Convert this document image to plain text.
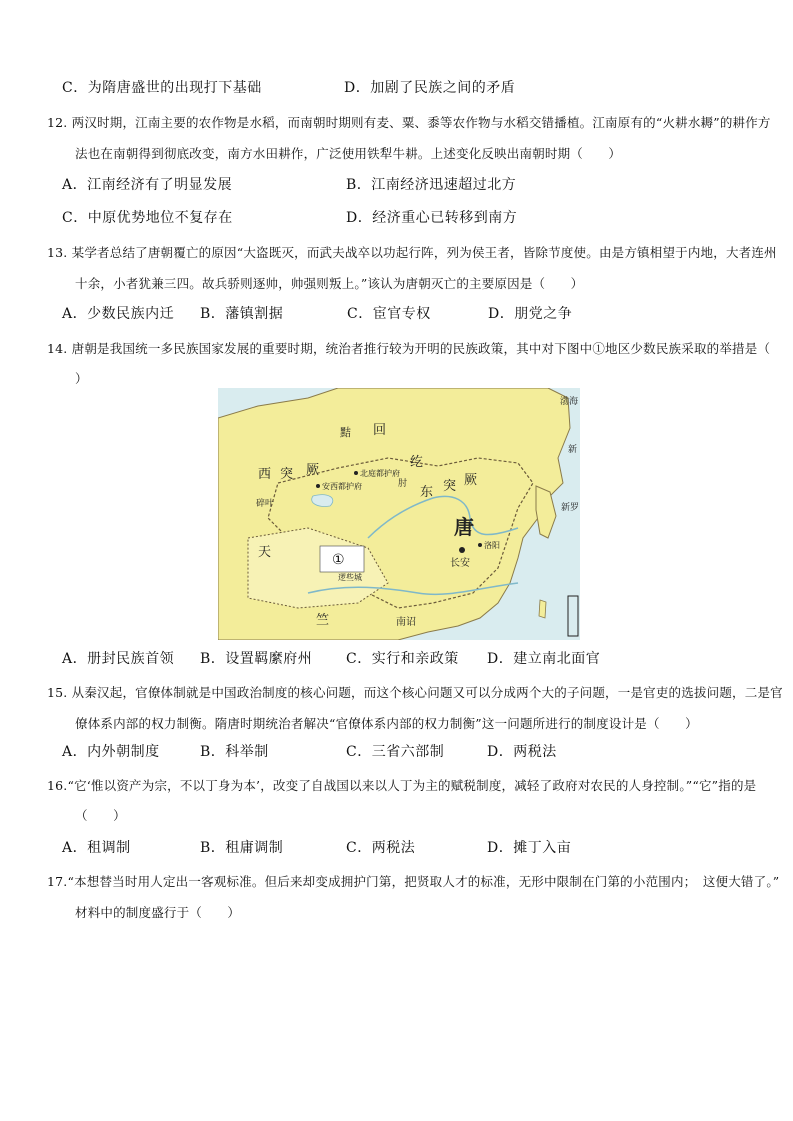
C．为隋唐盛世的出现打下基础	D．加剧了民族之间的矛盾
12. 两汉时期，江南主要的农作物是水稻，而南朝时期则有麦、粟、黍等农作物与水稻交错播植。江南原有的“火耕水耨”的耕作方
法也在南朝得到彻底改变，南方水田耕作，广泛使用铁犁牛耕。上述变化反映出南朝时期（　　）
A．江南经济有了明显发展	B．江南经济迅速超过北方
C．中原优势地位不复存在	D．经济重心已转移到南方
13. 某学者总结了唐朝覆亡的原因“大盗既灭，而武夫战卒以功起行阵，列为侯王者，皆除节度使。由是方镇相望于内地，大者连州
十余，小者犹兼三四。故兵骄则逐帅，帅强则叛上。”该认为唐朝灭亡的主要原因是（　　）
A．少数民族内迁 B．藩镇割据	C．宦官专权	D．朋党之争
14. 唐朝是我国统一多民族国家发展的重要时期，统治者推行较为开明的民族政策，其中对下图中①地区少数民族采取的举措是（
）
①
回
纥
西 突 厥
东 突 厥
唐
长安
洛阳
北庭都护府
安西都护府
碎叶
逻些城
天
竺	南诏
渤海
新罗
黠
肘
新
A．册封民族首领 B．设置羁縻府州 C．实行和亲政策 D．建立南北面官
15. 从秦汉起，官僚体制就是中国政治制度的核心问题，而这个核心问题又可以分成两个大的子问题，一是官吏的选拔问题，二是官
僚体系内部的权力制衡。隋唐时期统治者解决“官僚体系内部的权力制衡”这一问题所进行的制度设计是（　　）
A．内外朝制度	B．科举制	C．三省六部制	D．两税法
16.“它‘惟以资产为宗，不以丁身为本’，改变了自战国以来以人丁为主的赋税制度，减轻了政府对农民的人身控制。”“它”指的是
（　　）
A．租调制	B．租庸调制	C．两税法	D．摊丁入亩
17.“本想替当时用人定出一客观标准。但后来却变成拥护门第，把贤取人才的标准，无形中限制在门第的小范围内；　这便大错了。”
材料中的制度盛行于（　　）
